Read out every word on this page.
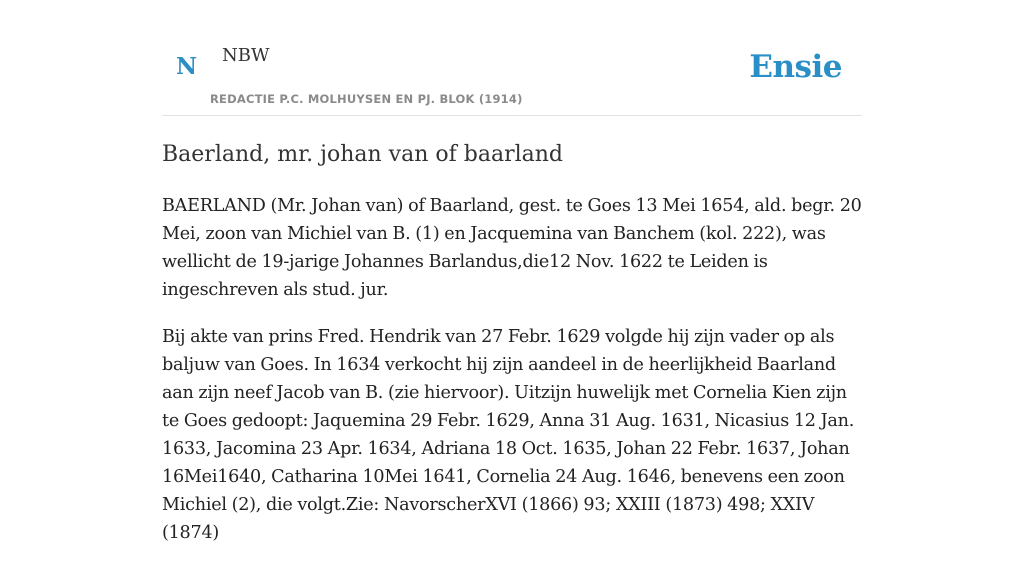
N NBW
REDACTIE P.C. MOLHUYSEN EN PJ. BLOK (1914)
Ensie
Baerland, mr. johan van of baarland

BAERLAND (Mr. Johan van) of Baarland, gest. te Goes 13 Mei 1654, ald. begr. 20 Mei, zoon van Michiel van B. (1) en Jacquemina van Banchem (kol. 222), was wellicht de 19-jarige Johannes Barlandus,die12 Nov. 1622 te Leiden is ingeschreven als stud. jur.

Bij akte van prins Fred. Hendrik van 27 Febr. 1629 volgde hij zijn vader op als baljuw van Goes. In 1634 verkocht hij zijn aandeel in de heerlijkheid Baarland aan zijn neef Jacob van B. (zie hiervoor). Uitzijn huwelijk met Cornelia Kien zijn te Goes gedoopt: Jaquemina 29 Febr. 1629, Anna 31 Aug. 1631, Nicasius 12 Jan. 1633, Jacomina 23 Apr. 1634, Adriana 18 Oct. 1635, Johan 22 Febr. 1637, Johan 16Mei1640, Catharina 10Mei 1641, Cornelia 24 Aug. 1646, benevens een zoon Michiel (2), die volgt.Zie: NavorscherXVI (1866) 93; XXIII (1873) 498; XXIV (1874)
